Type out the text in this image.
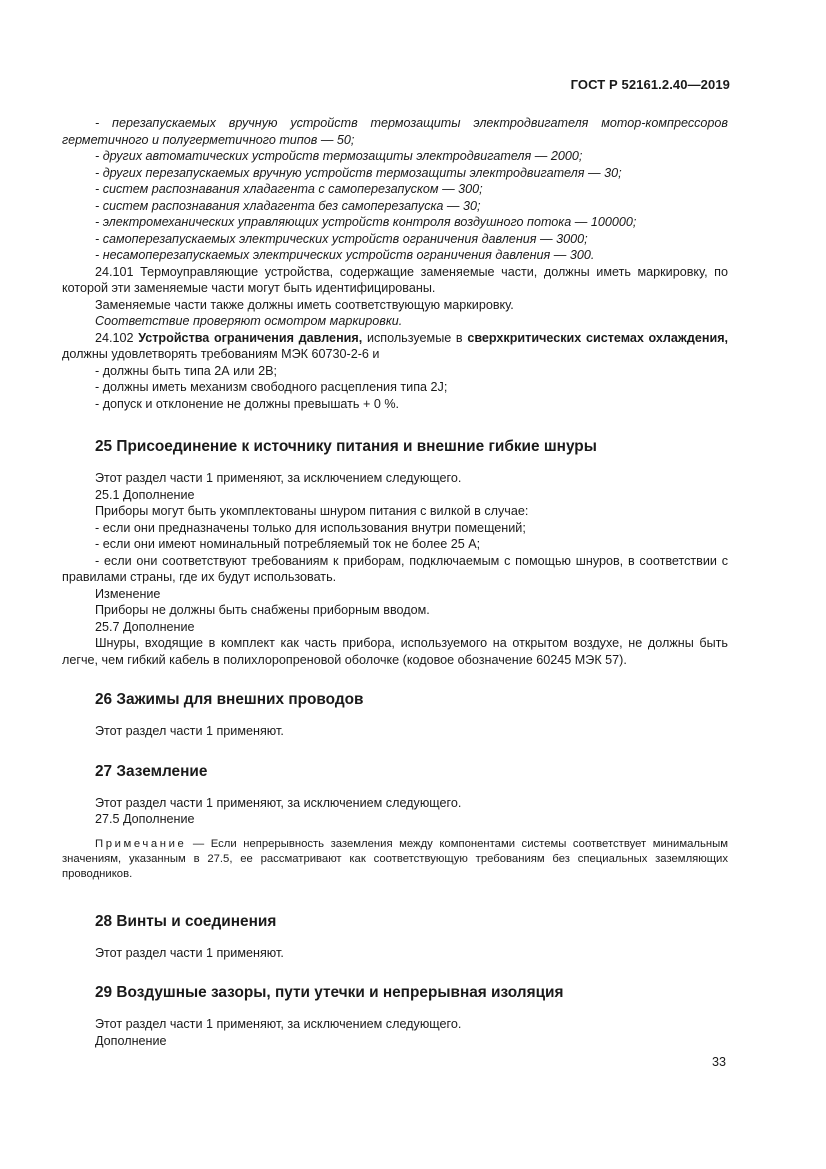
ГОСТ Р 52161.2.40—2019

- перезапускаемых вручную устройств термозащиты электродвигателя мотор-компрессоров герметичного и полугерметичного типов — 50;

- других автоматических устройств термозащиты электродвигателя — 2000;

- других перезапускаемых вручную устройств термозащиты электродвигателя — 30;

- систем распознавания хладагента с самоперезапуском — 300;

- систем распознавания хладагента без самоперезапуска — 30;

- электромеханических управляющих устройств контроля воздушного потока — 100000;

- самоперезапускаемых электрических устройств ограничения давления — 3000;

- несамоперезапускаемых электрических устройств ограничения давления — 300.

24.101 Термоуправляющие устройства, содержащие заменяемые части, должны иметь маркировку, по которой эти заменяемые части могут быть идентифицированы.

Заменяемые части также должны иметь соответствующую маркировку.

Соответствие проверяют осмотром маркировки.

24.102 Устройства ограничения давления, используемые в сверхкритических системах охлаждения, должны удовлетворять требованиям МЭК 60730-2-6 и

- должны быть типа 2А или 2В;

- должны иметь механизм свободного расцепления типа 2J;

- допуск и отклонение не должны превышать + 0 %.

25 Присоединение к источнику питания и внешние гибкие шнуры

Этот раздел части 1 применяют, за исключением следующего.

25.1 Дополнение

Приборы могут быть укомплектованы шнуром питания с вилкой в случае:

- если они предназначены только для использования внутри помещений;

- если они имеют номинальный потребляемый ток не более 25 А;

- если они соответствуют требованиям к приборам, подключаемым с помощью шнуров, в соответствии с правилами страны, где их будут использовать.

Изменение

Приборы не должны быть снабжены приборным вводом.

25.7 Дополнение

Шнуры, входящие в комплект как часть прибора, используемого на открытом воздухе, не должны быть легче, чем гибкий кабель в полихлоропреновой оболочке (кодовое обозначение 60245 МЭК 57).

26 Зажимы для внешних проводов

Этот раздел части 1 применяют.

27 Заземление

Этот раздел части 1 применяют, за исключением следующего.

27.5 Дополнение

Примечание — Если непрерывность заземления между компонентами системы соответствует минимальным значениям, указанным в 27.5, ее рассматривают как соответствующую требованиям без специальных заземляющих проводников.

28 Винты и соединения

Этот раздел части 1 применяют.

29 Воздушные зазоры, пути утечки и непрерывная изоляция

Этот раздел части 1 применяют, за исключением следующего.

Дополнение

33
